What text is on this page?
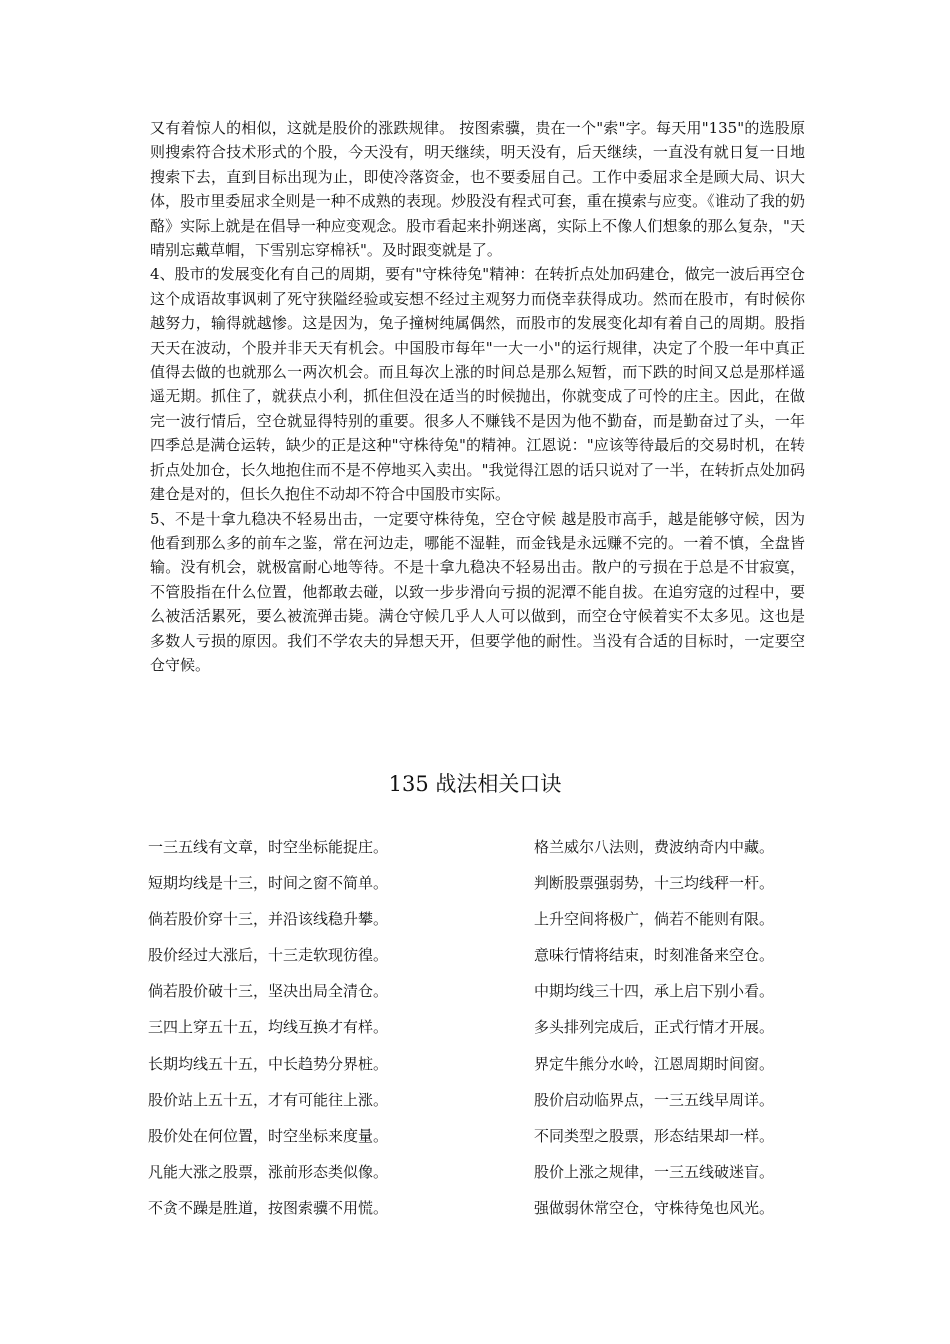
又有着惊人的相似，这就是股价的涨跌规律。 按图索骥，贵在一个"索"字。每天用"135"的选股原则搜索符合技术形式的个股，今天没有，明天继续，明天没有，后天继续，一直没有就日复一日地搜索下去，直到目标出现为止，即使冷落资金，也不要委屈自己。工作中委屈求全是顾大局、识大体，股市里委屈求全则是一种不成熟的表现。炒股没有程式可套，重在摸索与应变。《谁动了我的奶酪》实际上就是在倡导一种应变观念。股市看起来扑朔迷离，实际上不像人们想象的那么复杂，"天晴别忘戴草帽，下雪别忘穿棉袄"。及时跟变就是了。

4、股市的发展变化有自己的周期，要有"守株待兔"精神：在转折点处加码建仓，做完一波后再空仓 这个成语故事讽刺了死守狭隘经验或妄想不经过主观努力而侥幸获得成功。然而在股市，有时候你越努力，输得就越惨。这是因为，兔子撞树纯属偶然，而股市的发展变化却有着自己的周期。股指天天在波动，个股并非天天有机会。中国股市每年"一大一小"的运行规律，决定了个股一年中真正值得去做的也就那么一两次机会。而且每次上涨的时间总是那么短暂，而下跌的时间又总是那样遥遥无期。抓住了，就获点小利，抓住但没在适当的时候抛出，你就变成了可怜的庄主。因此，在做完一波行情后，空仓就显得特别的重要。很多人不赚钱不是因为他不勤奋，而是勤奋过了头，一年四季总是满仓运转，缺少的正是这种"守株待兔"的精神。江恩说："应该等待最后的交易时机，在转折点处加仓，长久地抱住而不是不停地买入卖出。"我觉得江恩的话只说对了一半，在转折点处加码建仓是对的，但长久抱住不动却不符合中国股市实际。

5、不是十拿九稳决不轻易出击，一定要守株待兔，空仓守候 越是股市高手，越是能够守候，因为他看到那么多的前车之鉴，常在河边走，哪能不湿鞋，而金钱是永远赚不完的。一着不慎，全盘皆输。没有机会，就极富耐心地等待。不是十拿九稳决不轻易出击。散户的亏损在于总是不甘寂寞，不管股指在什么位置，他都敢去碰，以致一步步滑向亏损的泥潭不能自拔。在追穷寇的过程中，要么被活活累死，要么被流弹击毙。满仓守候几乎人人可以做到，而空仓守候着实不太多见。这也是多数人亏损的原因。我们不学农夫的异想天开，但要学他的耐性。当没有合适的目标时，一定要空仓守候。

135 战法相关口诀
一三五线有文章，时空坐标能捉庄。	格兰威尔八法则，费波纳奇内中藏。
短期均线是十三，时间之窗不简单。	判断股票强弱势，十三均线秤一杆。
倘若股价穿十三，并沿该线稳升攀。	上升空间将极广，倘若不能则有限。
股价经过大涨后，十三走软现彷徨。	意味行情将结束，时刻准备来空仓。
倘若股价破十三，坚决出局全清仓。	中期均线三十四，承上启下别小看。
三四上穿五十五，均线互换才有样。	多头排列完成后，正式行情才开展。
长期均线五十五，中长趋势分界桩。	界定牛熊分水岭，江恩周期时间窗。
股价站上五十五，才有可能往上涨。	股价启动临界点，一三五线早周详。
股价处在何位置，时空坐标来度量。	不同类型之股票，形态结果却一样。
凡能大涨之股票，涨前形态类似像。	股价上涨之规律，一三五线破迷盲。
不贪不躁是胜道，按图索骥不用慌。	强做弱休常空仓，守株待兔也风光。
